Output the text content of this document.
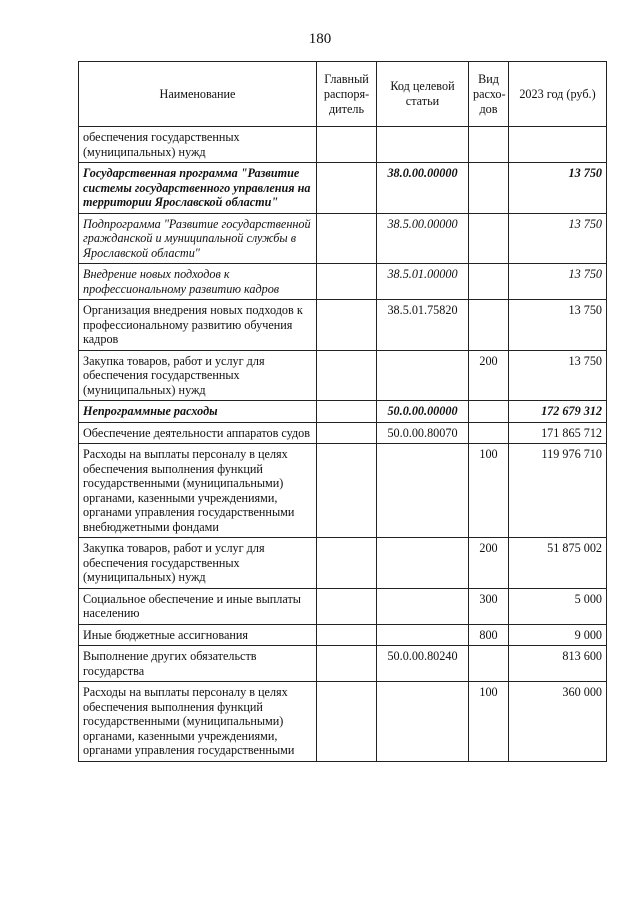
180
Наименование	Главный распоря-дитель	Код целевой статьи	Вид расхо-дов	2023 год (руб.)
обеспечения государственных (муниципальных) нужд				
Государственная программа "Развитие системы государственного управления на территории Ярославской области"		38.0.00.00000		13 750
Подпрограмма "Развитие государственной гражданской и муниципальной службы в Ярославской области"		38.5.00.00000		13 750
Внедрение новых подходов к профессиональному развитию кадров		38.5.01.00000		13 750
Организация внедрения новых подходов к профессиональному развитию обучения кадров		38.5.01.75820		13 750
Закупка товаров, работ и услуг для обеспечения государственных (муниципальных) нужд			200	13 750
Непрограммные расходы		50.0.00.00000		172 679 312
Обеспечение деятельности аппаратов судов		50.0.00.80070		171 865 712
Расходы на выплаты персоналу в целях обеспечения выполнения функций государственными (муниципальными) органами, казенными учреждениями, органами управления государственными внебюджетными фондами			100	119 976 710
Закупка товаров, работ и услуг для обеспечения государственных (муниципальных) нужд			200	51 875 002
Социальное обеспечение и иные выплаты населению			300	5 000
Иные бюджетные ассигнования			800	9 000
Выполнение других обязательств государства		50.0.00.80240		813 600
Расходы на выплаты персоналу в целях обеспечения выполнения функций государственными (муниципальными) органами, казенными учреждениями, органами управления государственными			100	360 000
